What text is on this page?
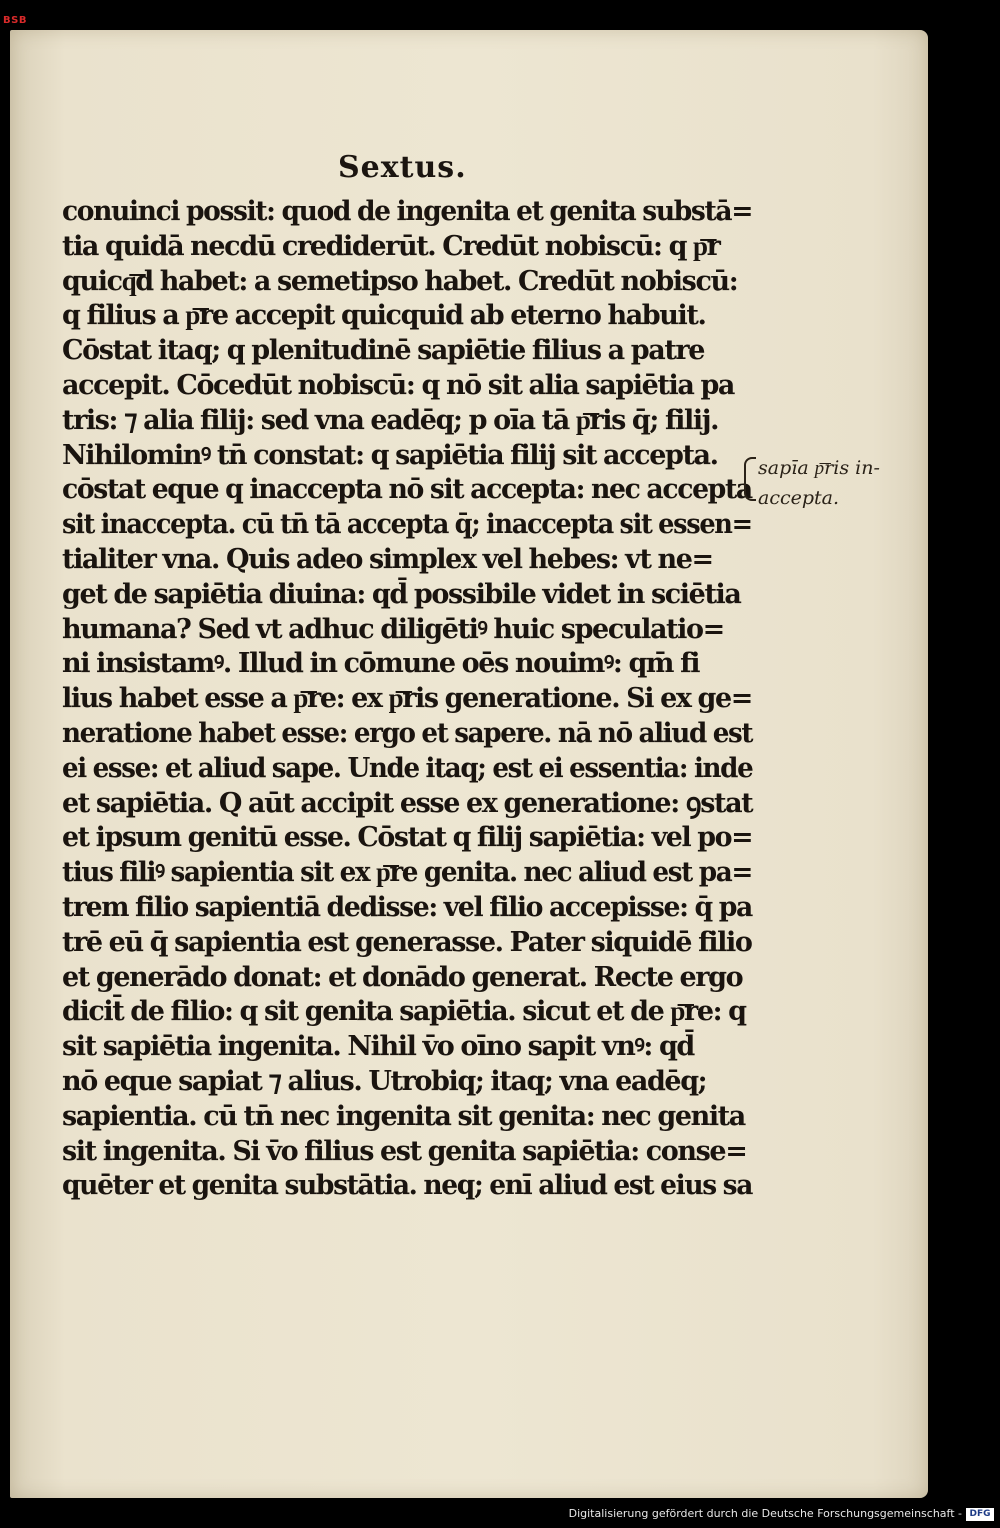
BSB
Sextus.
conuinci possit: quod de ingenita et genita substā=
tia quidā necdū crediderūt. Credūt nobiscū: q p͞r
quicq͞d habet: a semetipso habet. Credūt nobiscū:
q filius a p͞re accepit quicquid ab eterno habuit.
Cōstat itaq; q plenitudinē sapiētie filius a patre
accepit. Cōcedūt nobiscū: q nō sit alia sapiētia pa
tris: ⁊ alia filij: sed vna eadēq; p oīa tā p͞ris q̄; filij.
Nihilominꝰ tn̄ constat: q sapiētia filij sit accepta.
cōstat eque q inaccepta nō sit accepta: nec accepta
sit inaccepta. cū tn̄ tā accepta q̄; inaccepta sit essen=
tialiter vna. Quis adeo simplex vel hebes: vt ne=
get de sapiētia diuina: qd̄ possibile videt in sciētia
humana? Sed vt adhuc diligētiꝰ huic speculatio=
ni insistamꝰ. Illud in cōmune oēs nouimꝰ: qm̄ fi
lius habet esse a p͞re: ex p͞ris generatione. Si ex ge=
neratione habet esse: ergo et sapere. nā nō aliud est
ei esse: et aliud sape. Unde itaq; est ei essentia: inde
et sapiētia. Q aūt accipit esse ex generatione: ꝯstat
et ipsum genitū esse. Cōstat q filij sapiētia: vel po=
tius filiꝰ sapientia sit ex p͞re genita. nec aliud est pa=
trem filio sapientiā dedisse: vel filio accepisse: q̄ pa
trē eū q̄ sapientia est generasse. Pater siquidē filio
et generādo donat: et donādo generat. Recte ergo
dicit̄ de filio: q sit genita sapiētia. sicut et de p͞re: q
sit sapiētia ingenita. Nihil v̄o oīno sapit vnꝰ: qd̄
nō eque sapiat ⁊ alius. Utrobiq; itaq; vna eadēq;
sapientia. cū tn̄ nec ingenita sit genita: nec genita
sit ingenita. Si v̄o filius est genita sapiētia: conse=
quēter et genita substātia. neq; enī aliud est eius sa
sapīa p͞ris in-
accepta.
Digitalisierung gefördert durch die Deutsche Forschungsgemeinschaft - DFG
